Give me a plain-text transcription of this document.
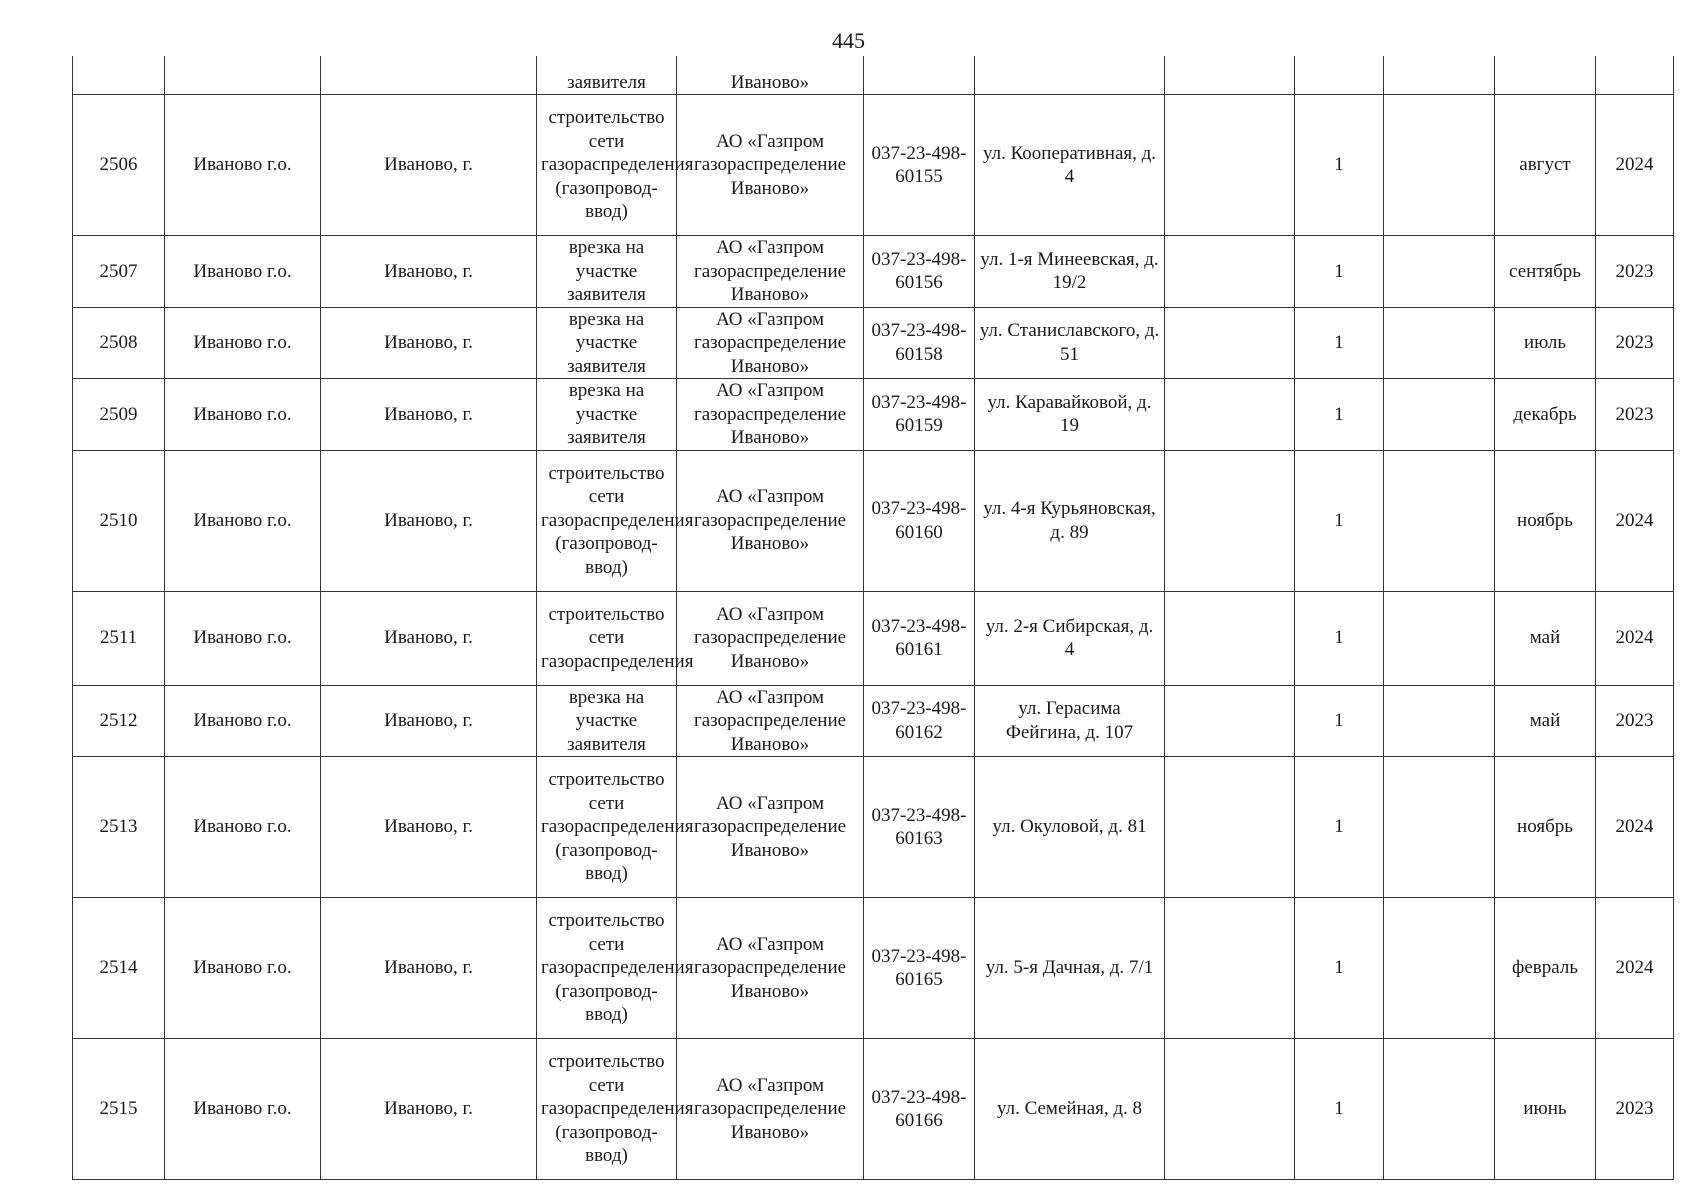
445
			заявителя	Иваново»							
2506	Иваново г.о.	Иваново, г.	строительство сети газораспределения (газопровод-ввод)	АО «Газпром газораспределение Иваново»	037-23-498-60155	ул. Кооперативная, д. 4		1		август	2024
2507	Иваново г.о.	Иваново, г.	врезка на участке заявителя	АО «Газпром газораспределение Иваново»	037-23-498-60156	ул. 1-я Минеевская, д. 19/2		1		сентябрь	2023
2508	Иваново г.о.	Иваново, г.	врезка на участке заявителя	АО «Газпром газораспределение Иваново»	037-23-498-60158	ул. Станиславского, д. 51		1		июль	2023
2509	Иваново г.о.	Иваново, г.	врезка на участке заявителя	АО «Газпром газораспределение Иваново»	037-23-498-60159	ул. Каравайковой, д. 19		1		декабрь	2023
2510	Иваново г.о.	Иваново, г.	строительство сети газораспределения (газопровод-ввод)	АО «Газпром газораспределение Иваново»	037-23-498-60160	ул. 4-я Курьяновская, д. 89		1		ноябрь	2024
2511	Иваново г.о.	Иваново, г.	строительство сети газораспределения	АО «Газпром газораспределение Иваново»	037-23-498-60161	ул. 2-я Сибирская, д. 4		1		май	2024
2512	Иваново г.о.	Иваново, г.	врезка на участке заявителя	АО «Газпром газораспределение Иваново»	037-23-498-60162	ул. Герасима Фейгина, д. 107		1		май	2023
2513	Иваново г.о.	Иваново, г.	строительство сети газораспределения (газопровод-ввод)	АО «Газпром газораспределение Иваново»	037-23-498-60163	ул. Окуловой, д. 81		1		ноябрь	2024
2514	Иваново г.о.	Иваново, г.	строительство сети газораспределения (газопровод-ввод)	АО «Газпром газораспределение Иваново»	037-23-498-60165	ул. 5-я Дачная, д. 7/1		1		февраль	2024
2515	Иваново г.о.	Иваново, г.	строительство сети газораспределения (газопровод-ввод)	АО «Газпром газораспределение Иваново»	037-23-498-60166	ул. Семейная, д. 8		1		июнь	2023
